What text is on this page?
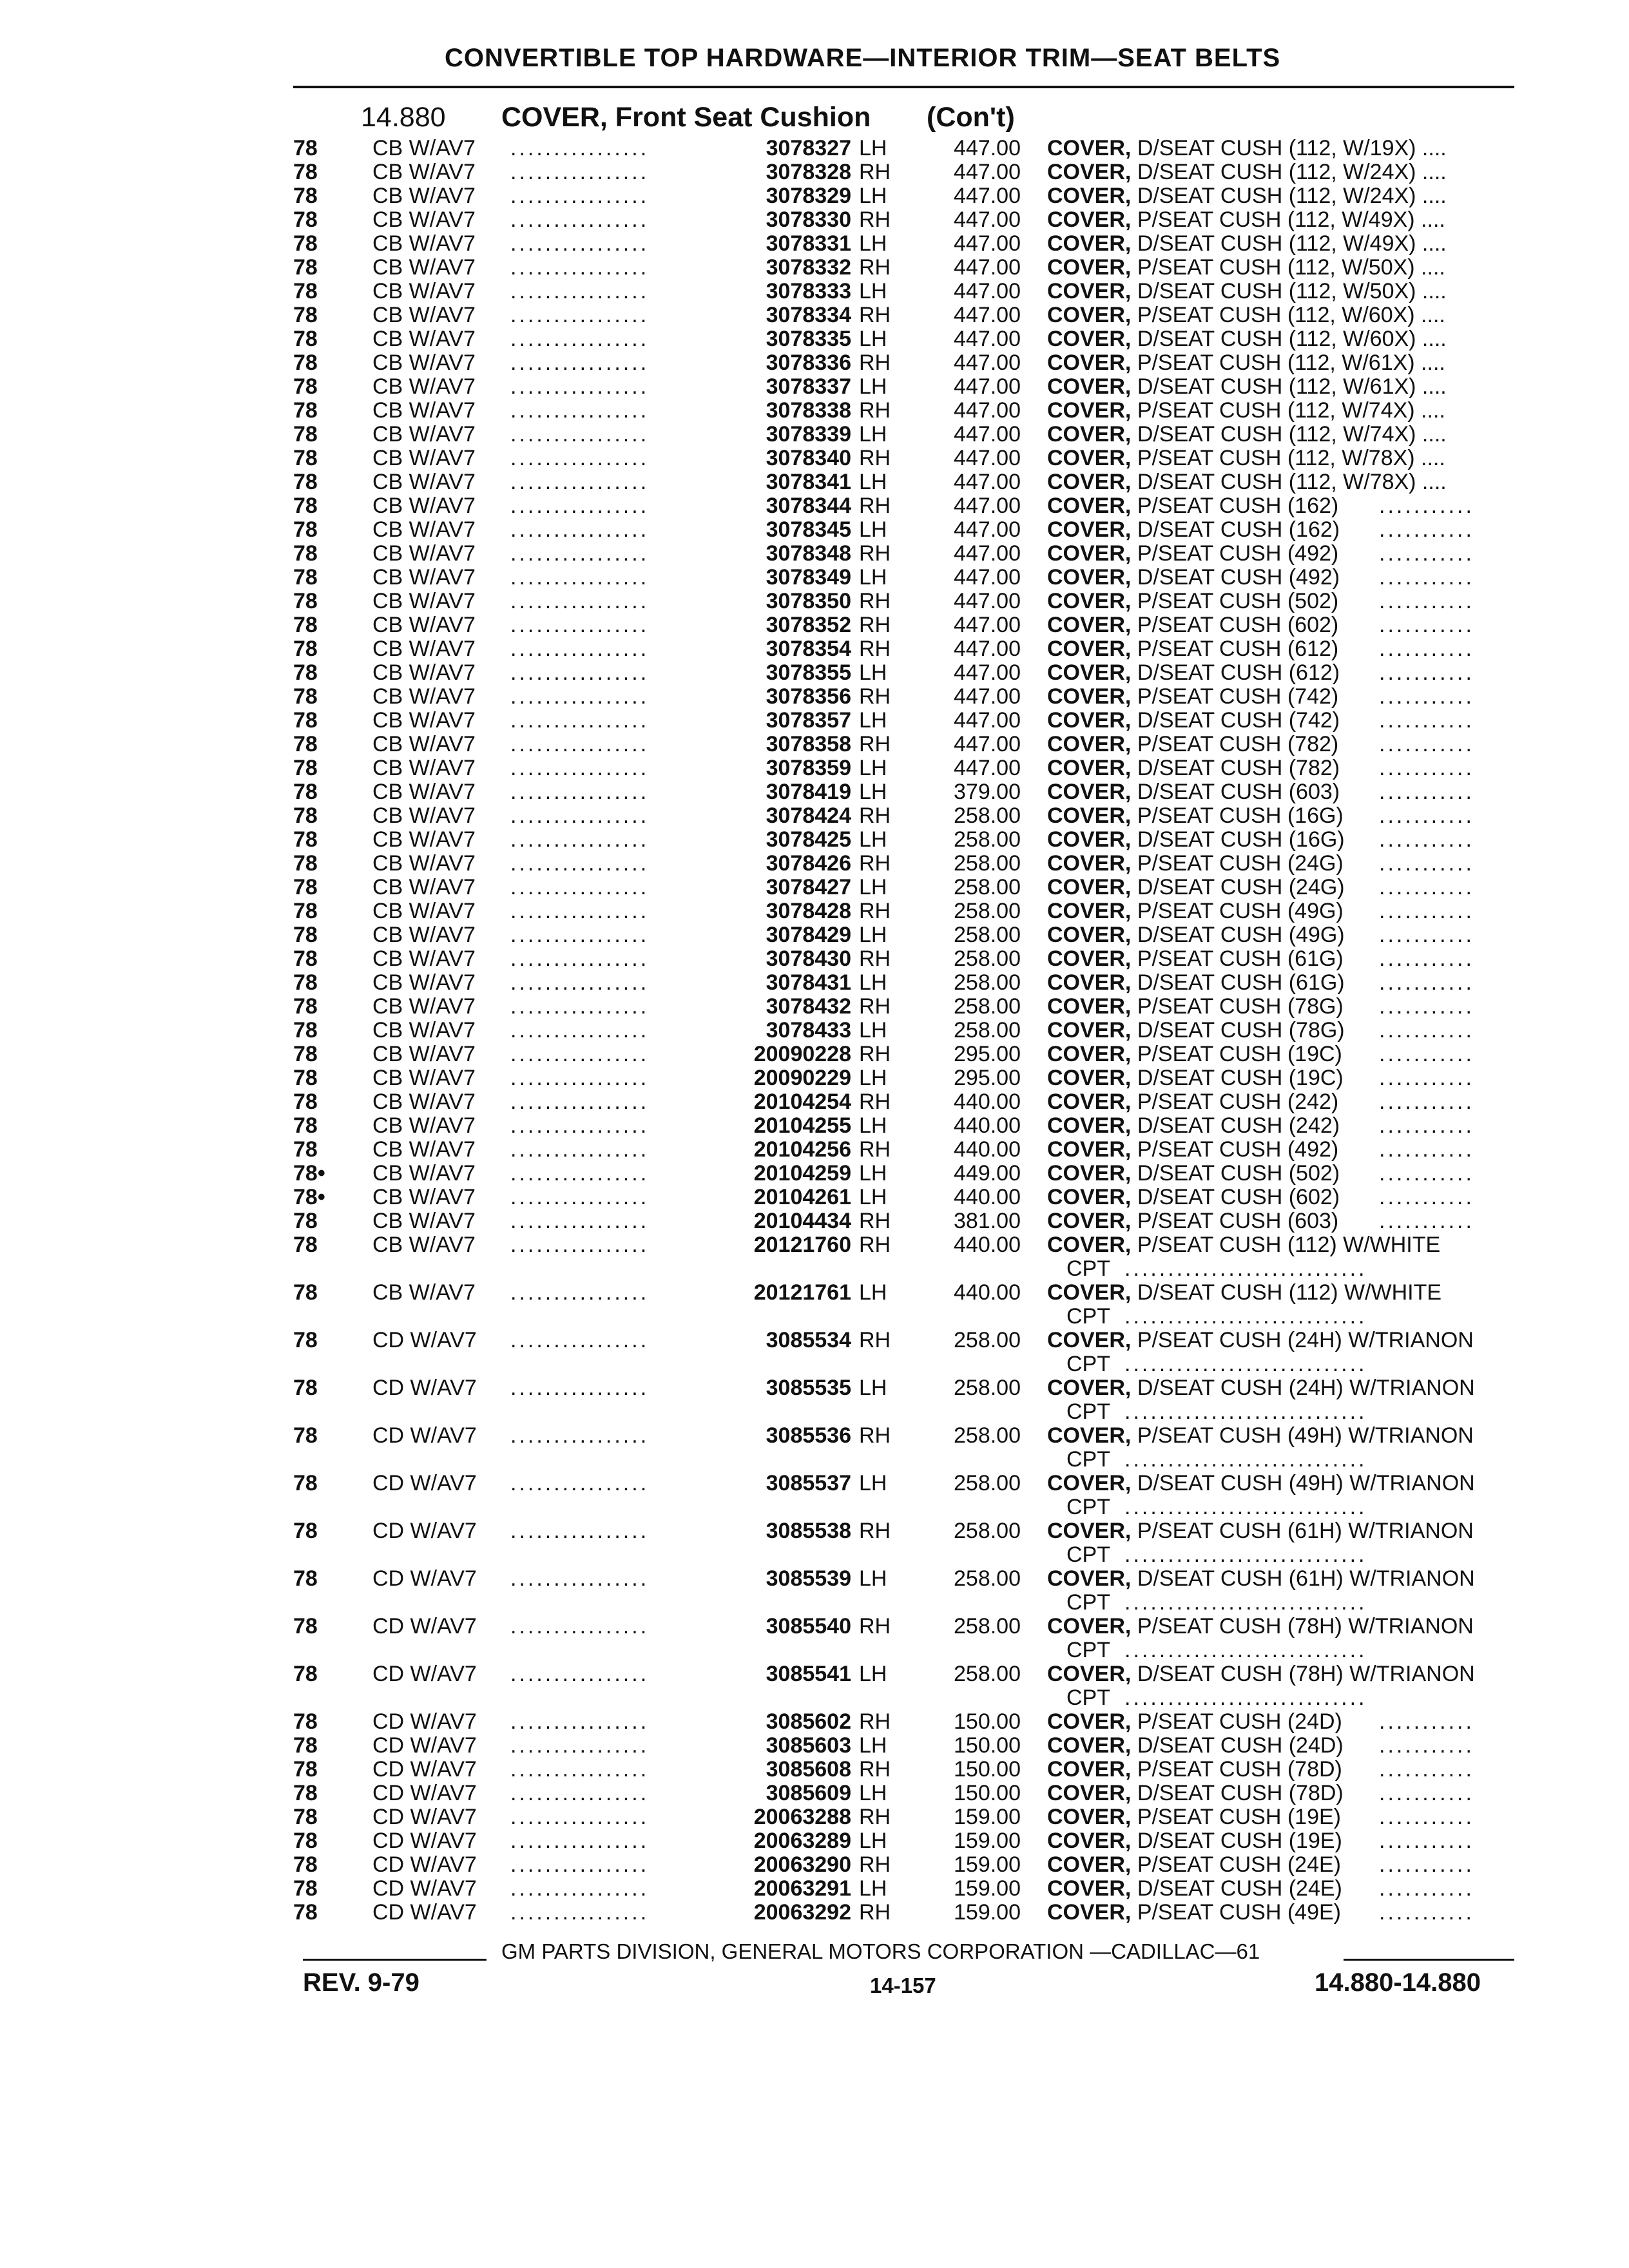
CONVERTIBLE TOP HARDWARE—INTERIOR TRIM—SEAT BELTS
14.880 COVER, Front Seat Cushion (Con't)
78	CB W/AV7 ................	3078327 LH	447.00 COVER, D/SEAT CUSH (112, W/19X) ....
78	CB W/AV7 ................	3078328 RH	447.00 COVER, D/SEAT CUSH (112, W/24X) ....
78	CB W/AV7 ................	3078329 LH	447.00 COVER, D/SEAT CUSH (112, W/24X) ....
78	CB W/AV7 ................	3078330 RH	447.00 COVER, P/SEAT CUSH (112, W/49X) ....
78	CB W/AV7 ................	3078331 LH	447.00 COVER, D/SEAT CUSH (112, W/49X) ....
78	CB W/AV7 ................	3078332 RH	447.00 COVER, P/SEAT CUSH (112, W/50X) ....
78	CB W/AV7 ................	3078333 LH	447.00 COVER, D/SEAT CUSH (112, W/50X) ....
78	CB W/AV7 ................	3078334 RH	447.00 COVER, P/SEAT CUSH (112, W/60X) ....
78	CB W/AV7 ................	3078335 LH	447.00 COVER, D/SEAT CUSH (112, W/60X) ....
78	CB W/AV7 ................	3078336 RH	447.00 COVER, P/SEAT CUSH (112, W/61X) ....
78	CB W/AV7 ................	3078337 LH	447.00 COVER, D/SEAT CUSH (112, W/61X) ....
78	CB W/AV7 ................	3078338 RH	447.00 COVER, P/SEAT CUSH (112, W/74X) ....
78	CB W/AV7 ................	3078339 LH	447.00 COVER, D/SEAT CUSH (112, W/74X) ....
78	CB W/AV7 ................	3078340 RH	447.00 COVER, P/SEAT CUSH (112, W/78X) ....
78	CB W/AV7 ................	3078341 LH	447.00 COVER, D/SEAT CUSH (112, W/78X) ....
78	CB W/AV7 ................	3078344 RH	447.00 COVER, P/SEAT CUSH (162) ...........
78	CB W/AV7 ................	3078345 LH	447.00 COVER, D/SEAT CUSH (162) ...........
78	CB W/AV7 ................	3078348 RH	447.00 COVER, P/SEAT CUSH (492) ...........
78	CB W/AV7 ................	3078349 LH	447.00 COVER, D/SEAT CUSH (492) ...........
78	CB W/AV7 ................	3078350 RH	447.00 COVER, P/SEAT CUSH (502) ...........
78	CB W/AV7 ................	3078352 RH	447.00 COVER, P/SEAT CUSH (602) ...........
78	CB W/AV7 ................	3078354 RH	447.00 COVER, P/SEAT CUSH (612) ...........
78	CB W/AV7 ................	3078355 LH	447.00 COVER, D/SEAT CUSH (612) ...........
78	CB W/AV7 ................	3078356 RH	447.00 COVER, P/SEAT CUSH (742) ...........
78	CB W/AV7 ................	3078357 LH	447.00 COVER, D/SEAT CUSH (742) ...........
78	CB W/AV7 ................	3078358 RH	447.00 COVER, P/SEAT CUSH (782) ...........
78	CB W/AV7 ................	3078359 LH	447.00 COVER, D/SEAT CUSH (782) ...........
78	CB W/AV7 ................	3078419 LH	379.00 COVER, D/SEAT CUSH (603) ...........
78	CB W/AV7 ................	3078424 RH	258.00 COVER, P/SEAT CUSH (16G) ...........
78	CB W/AV7 ................	3078425 LH	258.00 COVER, D/SEAT CUSH (16G) ...........
78	CB W/AV7 ................	3078426 RH	258.00 COVER, P/SEAT CUSH (24G) ...........
78	CB W/AV7 ................	3078427 LH	258.00 COVER, D/SEAT CUSH (24G) ...........
78	CB W/AV7 ................	3078428 RH	258.00 COVER, P/SEAT CUSH (49G) ...........
78	CB W/AV7 ................	3078429 LH	258.00 COVER, D/SEAT CUSH (49G) ...........
78	CB W/AV7 ................	3078430 RH	258.00 COVER, P/SEAT CUSH (61G) ...........
78	CB W/AV7 ................	3078431 LH	258.00 COVER, D/SEAT CUSH (61G) ...........
78	CB W/AV7 ................	3078432 RH	258.00 COVER, P/SEAT CUSH (78G) ...........
78	CB W/AV7 ................	3078433 LH	258.00 COVER, D/SEAT CUSH (78G) ...........
78	CB W/AV7 ................	20090228 RH	295.00 COVER, P/SEAT CUSH (19C) ...........
78	CB W/AV7 ................	20090229 LH	295.00 COVER, D/SEAT CUSH (19C) ...........
78	CB W/AV7 ................	20104254 RH	440.00 COVER, P/SEAT CUSH (242) ...........
78	CB W/AV7 ................	20104255 LH	440.00 COVER, D/SEAT CUSH (242) ...........
78	CB W/AV7 ................	20104256 RH	440.00 COVER, P/SEAT CUSH (492) ...........
78• CB W/AV7 ................	20104259 LH	449.00 COVER, D/SEAT CUSH (502) ...........
78• CB W/AV7 ................	20104261 LH	440.00 COVER, D/SEAT CUSH (602) ...........
78	CB W/AV7 ................	20104434 RH	381.00 COVER, P/SEAT CUSH (603) ...........
78	CB W/AV7 ................	20121760 RH	440.00 COVER, P/SEAT CUSH (112) W/WHITE
CPT ............................
78	CB W/AV7 ................	20121761 LH	440.00 COVER, D/SEAT CUSH (112) W/WHITE
CPT ............................
78	CD W/AV7 ................	3085534 RH	258.00 COVER, P/SEAT CUSH (24H) W/TRIANON
CPT ............................
78	CD W/AV7 ................	3085535 LH	258.00 COVER, D/SEAT CUSH (24H) W/TRIANON
CPT ............................
78	CD W/AV7 ................	3085536 RH	258.00 COVER, P/SEAT CUSH (49H) W/TRIANON
CPT ............................
78	CD W/AV7 ................	3085537 LH	258.00 COVER, D/SEAT CUSH (49H) W/TRIANON
CPT ............................
78	CD W/AV7 ................	3085538 RH	258.00 COVER, P/SEAT CUSH (61H) W/TRIANON
CPT ............................
78	CD W/AV7 ................	3085539 LH	258.00 COVER, D/SEAT CUSH (61H) W/TRIANON
CPT ............................
78	CD W/AV7 ................	3085540 RH	258.00 COVER, P/SEAT CUSH (78H) W/TRIANON
CPT ............................
78	CD W/AV7 ................	3085541 LH	258.00 COVER, D/SEAT CUSH (78H) W/TRIANON
CPT ............................
78	CD W/AV7 ................	3085602 RH	150.00 COVER, P/SEAT CUSH (24D) ...........
78	CD W/AV7 ................	3085603 LH	150.00 COVER, D/SEAT CUSH (24D) ...........
78	CD W/AV7 ................	3085608 RH	150.00 COVER, P/SEAT CUSH (78D) ...........
78	CD W/AV7 ................	3085609 LH	150.00 COVER, D/SEAT CUSH (78D) ...........
78	CD W/AV7 ................	20063288 RH	159.00 COVER, P/SEAT CUSH (19E) ...........
78	CD W/AV7 ................	20063289 LH	159.00 COVER, D/SEAT CUSH (19E) ...........
78	CD W/AV7 ................	20063290 RH	159.00 COVER, P/SEAT CUSH (24E) ...........
78	CD W/AV7 ................	20063291 LH	159.00 COVER, D/SEAT CUSH (24E) ...........
78	CD W/AV7 ................	20063292 RH	159.00 COVER, P/SEAT CUSH (49E) ...........
GM PARTS DIVISION, GENERAL MOTORS CORPORATION —CADILLAC—61
REV. 9-79	14-157	14.880-14.880
